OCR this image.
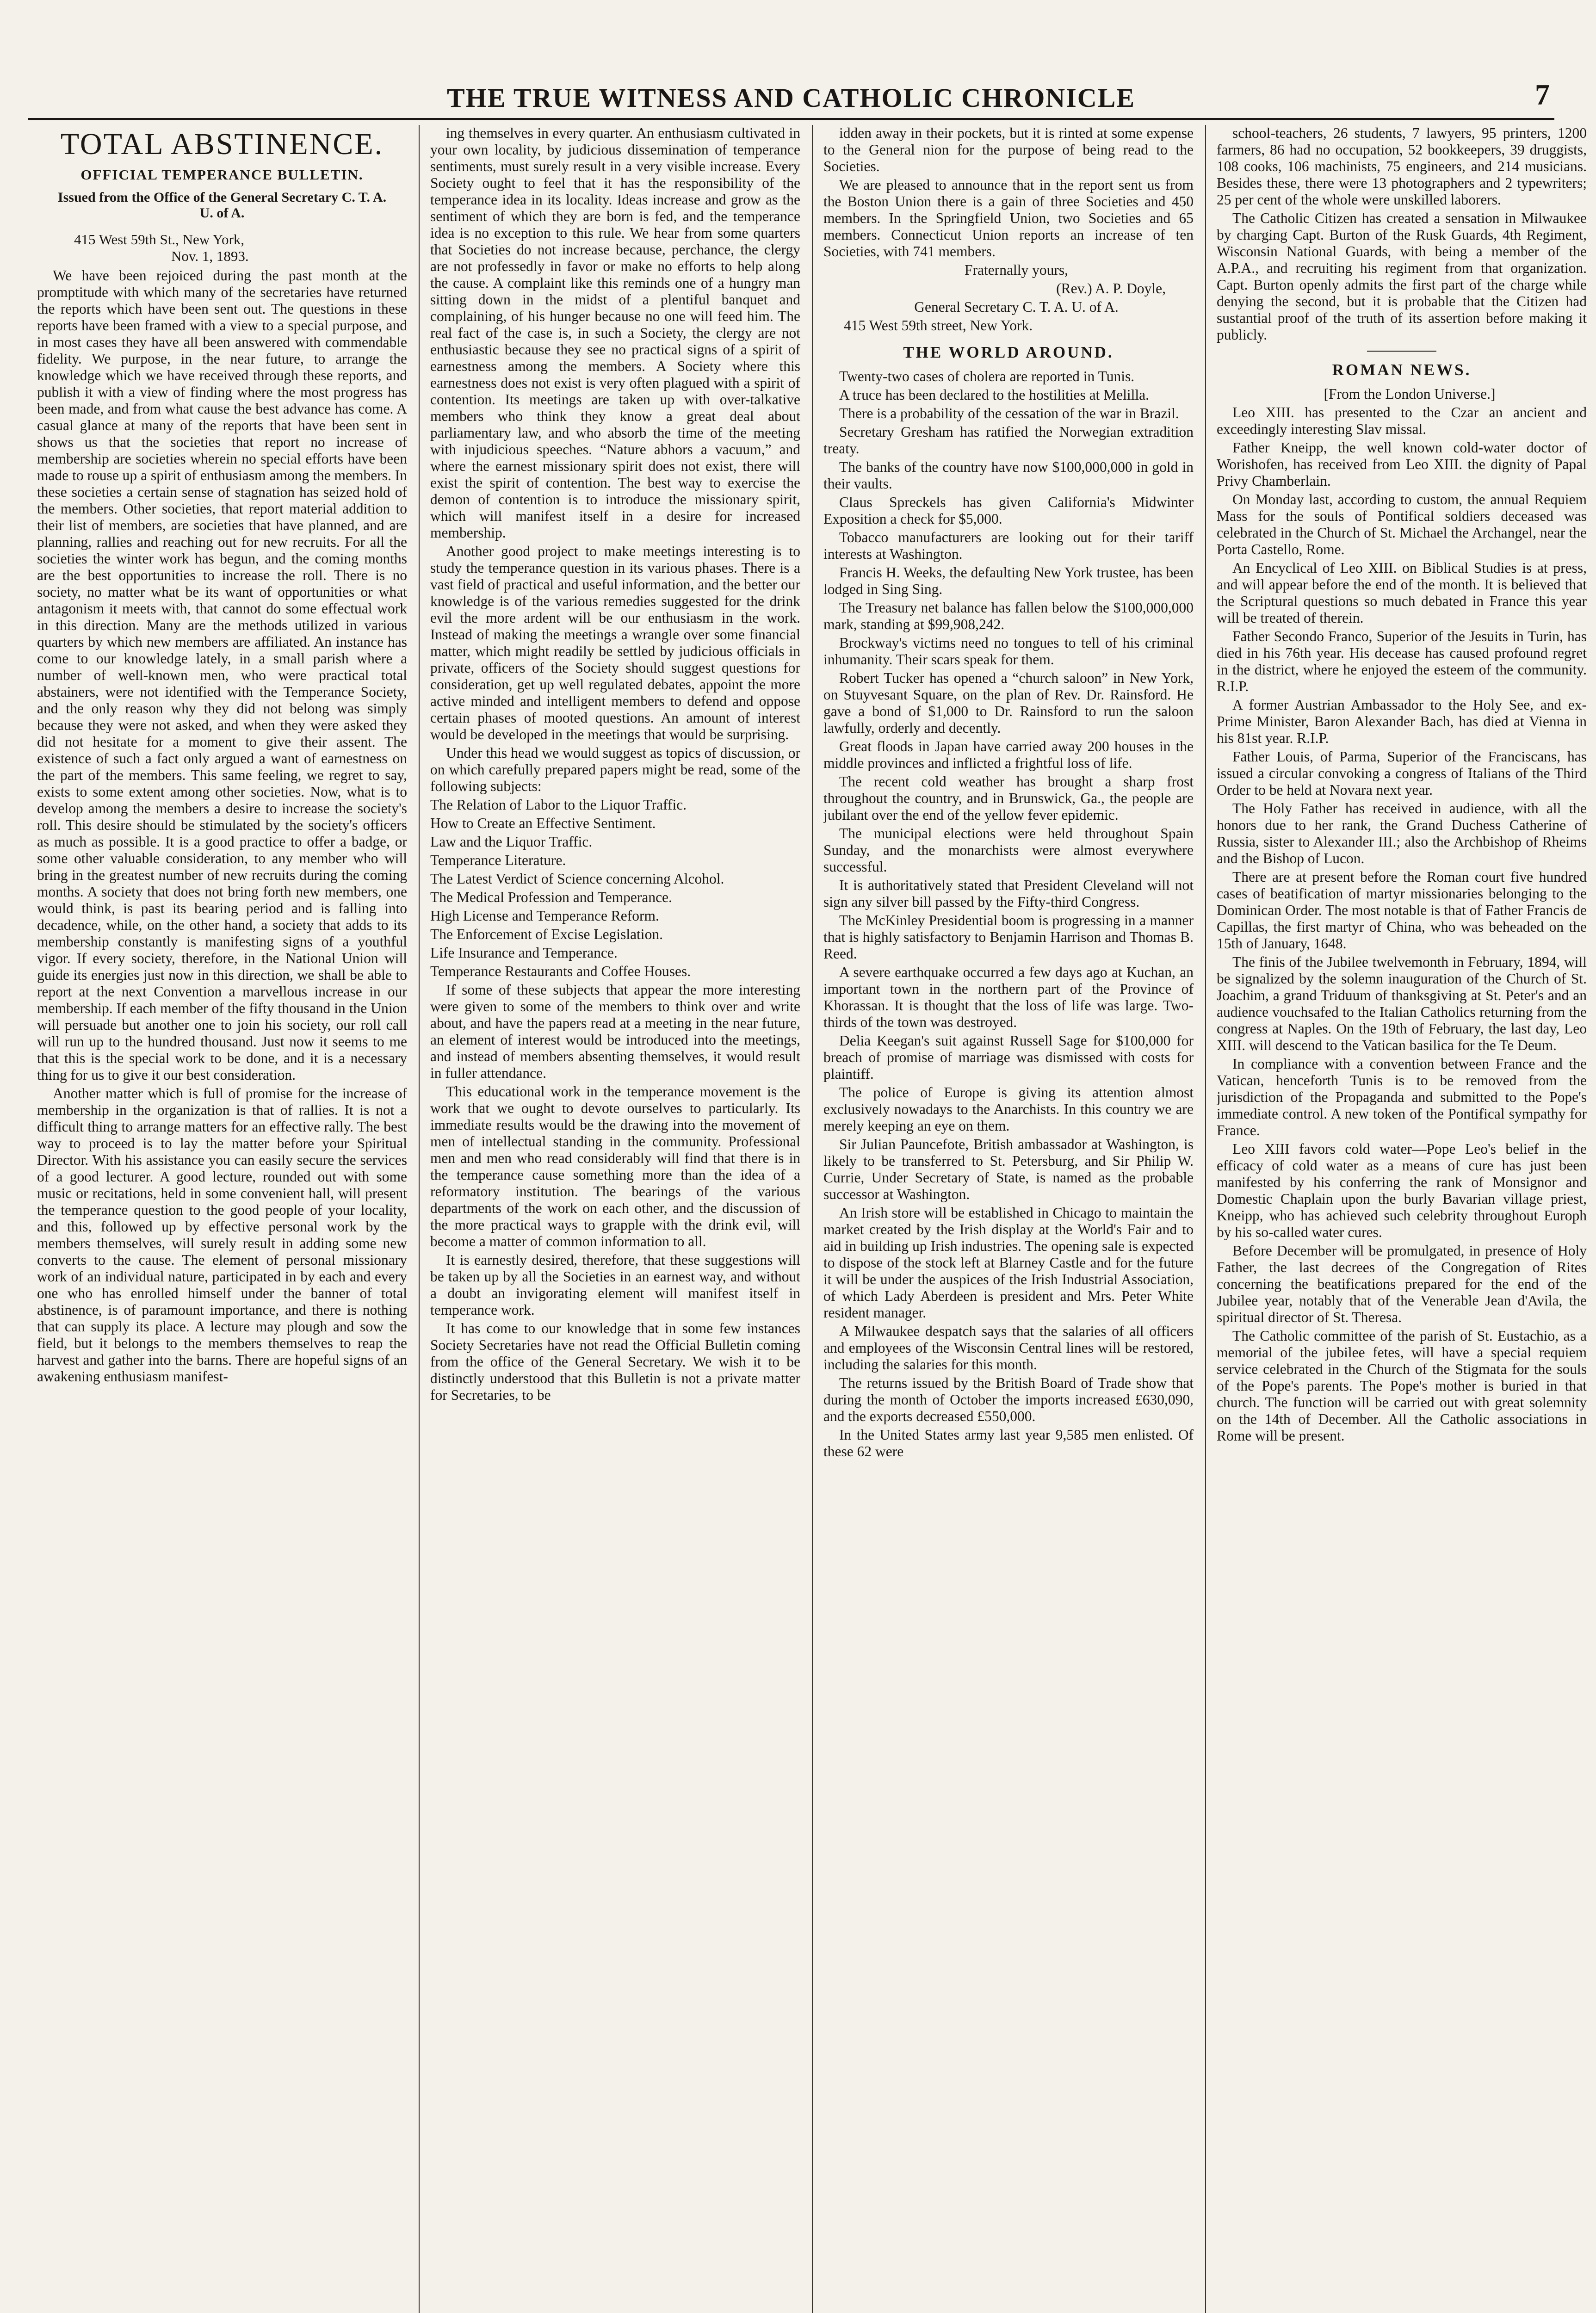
THE TRUE WITNESS AND CATHOLIC CHRONICLE	7
TOTAL ABSTINENCE.
OFFICIAL TEMPERANCE BULLETIN.
Issued from the Office of the General Secretary C. T. A. U. of A.
415 West 59th St., New York,
Nov. 1, 1893.

We have been rejoiced during the past month at the promptitude with which many of the secretaries have returned the reports which have been sent out. The questions in these reports have been framed with a view to a special purpose, and in most cases they have all been answered with commendable fidelity. We purpose, in the near future, to arrange the knowledge which we have received through these reports, and publish it with a view of finding where the most progress has been made, and from what cause the best advance has come. A casual glance at many of the reports that have been sent in shows us that the societies that report no increase of membership are societies wherein no special efforts have been made to rouse up a spirit of enthusiasm among the members. In these societies a certain sense of stagnation has seized hold of the members. Other societies, that report material addition to their list of members, are societies that have planned, and are planning, rallies and reaching out for new recruits. For all the societies the winter work has begun, and the coming months are the best opportunities to increase the roll. There is no society, no matter what be its want of opportunities or what antagonism it meets with, that cannot do some effectual work in this direction. Many are the methods utilized in various quarters by which new members are affiliated. An instance has come to our knowledge lately, in a small parish where a number of well-known men, who were practical total abstainers, were not identified with the Temperance Society, and the only reason why they did not belong was simply because they were not asked, and when they were asked they did not hesitate for a moment to give their assent. The existence of such a fact only argued a want of earnestness on the part of the members. This same feeling, we regret to say, exists to some extent among other societies. Now, what is to develop among the members a desire to increase the society's roll. This desire should be stimulated by the society's officers as much as possible. It is a good practice to offer a badge, or some other valuable consideration, to any member who will bring in the greatest number of new recruits during the coming months. A society that does not bring forth new members, one would think, is past its bearing period and is falling into decadence, while, on the other hand, a society that adds to its membership constantly is manifesting signs of a youthful vigor. If every society, therefore, in the National Union will guide its energies just now in this direction, we shall be able to report at the next Convention a marvellous increase in our membership. If each member of the fifty thousand in the Union will persuade but another one to join his society, our roll call will run up to the hundred thousand. Just now it seems to me that this is the special work to be done, and it is a necessary thing for us to give it our best consideration.

Another matter which is full of promise for the increase of membership in the organization is that of rallies. It is not a difficult thing to arrange matters for an effective rally. The best way to proceed is to lay the matter before your Spiritual Director. With his assistance you can easily secure the services of a good lecturer. A good lecture, rounded out with some music or recitations, held in some convenient hall, will present the temperance question to the good people of your locality, and this, followed up by effective personal work by the members themselves, will surely result in adding some new converts to the cause. The element of personal missionary work of an individual nature, participated in by each and every one who has enrolled himself under the banner of total abstinence, is of paramount importance, and there is nothing that can supply its place. A lecture may plough and sow the field, but it belongs to the members themselves to reap the harvest and gather into the barns. There are hopeful signs of an awakening enthusiasm manifest-

ing themselves in every quarter. An enthusiasm cultivated in your own locality, by judicious dissemination of temperance sentiments, must surely result in a very visible increase. Every Society ought to feel that it has the responsibility of the temperance idea in its locality. Ideas increase and grow as the sentiment of which they are born is fed, and the temperance idea is no exception to this rule. We hear from some quarters that Societies do not increase because, perchance, the clergy are not professedly in favor or make no efforts to help along the cause. A complaint like this reminds one of a hungry man sitting down in the midst of a plentiful banquet and complaining, of his hunger because no one will feed him. The real fact of the case is, in such a Society, the clergy are not enthusiastic because they see no practical signs of a spirit of earnestness among the members. A Society where this earnestness does not exist is very often plagued with a spirit of contention. Its meetings are taken up with over-talkative members who think they know a great deal about parliamentary law, and who absorb the time of the meeting with injudicious speeches. “Nature abhors a vacuum,” and where the earnest missionary spirit does not exist, there will exist the spirit of contention. The best way to exercise the demon of contention is to introduce the missionary spirit, which will manifest itself in a desire for increased membership.

Another good project to make meetings interesting is to study the temperance question in its various phases. There is a vast field of practical and useful information, and the better our knowledge is of the various remedies suggested for the drink evil the more ardent will be our enthusiasm in the work. Instead of making the meetings a wrangle over some financial matter, which might readily be settled by judicious officials in private, officers of the Society should suggest questions for consideration, get up well regulated debates, appoint the more active minded and intelligent members to defend and oppose certain phases of mooted questions. An amount of interest would be developed in the meetings that would be surprising.

Under this head we would suggest as topics of discussion, or on which carefully prepared papers might be read, some of the following subjects:

The Relation of Labor to the Liquor Traffic.

How to Create an Effective Sentiment.

Law and the Liquor Traffic.

Temperance Literature.

The Latest Verdict of Science concerning Alcohol.

The Medical Profession and Temperance.

High License and Temperance Reform.

The Enforcement of Excise Legislation.

Life Insurance and Temperance.

Temperance Restaurants and Coffee Houses.

If some of these subjects that appear the more interesting were given to some of the members to think over and write about, and have the papers read at a meeting in the near future, an element of interest would be introduced into the meetings, and instead of members absenting themselves, it would result in fuller attendance.

This educational work in the temperance movement is the work that we ought to devote ourselves to particularly. Its immediate results would be the drawing into the movement of men of intellectual standing in the community. Professional men and men who read considerably will find that there is in the temperance cause something more than the idea of a reformatory institution. The bearings of the various departments of the work on each other, and the discussion of the more practical ways to grapple with the drink evil, will become a matter of common information to all.

It is earnestly desired, therefore, that these suggestions will be taken up by all the Societies in an earnest way, and without a doubt an invigorating element will manifest itself in temperance work.

It has come to our knowledge that in some few instances Society Secretaries have not read the Official Bulletin coming from the office of the General Secretary. We wish it to be distinctly understood that this Bulletin is not a private matter for Secretaries, to be

idden away in their pockets, but it is rinted at some expense to the General nion for the purpose of being read to the Societies.

We are pleased to announce that in the report sent us from the Boston Union there is a gain of three Societies and 450 members. In the Springfield Union, two Societies and 65 members. Connecticut Union reports an increase of ten Societies, with 741 members.

Fraternally yours,

(Rev.) A. P. Doyle,

General Secretary C. T. A. U. of A.

415 West 59th street, New York.

THE WORLD AROUND.

Twenty-two cases of cholera are reported in Tunis.

A truce has been declared to the hostilities at Melilla.

There is a probability of the cessation of the war in Brazil.

Secretary Gresham has ratified the Norwegian extradition treaty.

The banks of the country have now $100,000,000 in gold in their vaults.

Claus Spreckels has given California's Midwinter Exposition a check for $5,000.

Tobacco manufacturers are looking out for their tariff interests at Washington.

Francis H. Weeks, the defaulting New York trustee, has been lodged in Sing Sing.

The Treasury net balance has fallen below the $100,000,000 mark, standing at $99,908,242.

Brockway's victims need no tongues to tell of his criminal inhumanity. Their scars speak for them.

Robert Tucker has opened a “church saloon” in New York, on Stuyvesant Square, on the plan of Rev. Dr. Rainsford. He gave a bond of $1,000 to Dr. Rainsford to run the saloon lawfully, orderly and decently.

Great floods in Japan have carried away 200 houses in the middle provinces and inflicted a frightful loss of life.

The recent cold weather has brought a sharp frost throughout the country, and in Brunswick, Ga., the people are jubilant over the end of the yellow fever epidemic.

The municipal elections were held throughout Spain Sunday, and the monarchists were almost everywhere successful.

It is authoritatively stated that President Cleveland will not sign any silver bill passed by the Fifty-third Congress.

The McKinley Presidential boom is progressing in a manner that is highly satisfactory to Benjamin Harrison and Thomas B. Reed.

A severe earthquake occurred a few days ago at Kuchan, an important town in the northern part of the Province of Khorassan. It is thought that the loss of life was large. Two-thirds of the town was destroyed.

Delia Keegan's suit against Russell Sage for $100,000 for breach of promise of marriage was dismissed with costs for plaintiff.

The police of Europe is giving its attention almost exclusively nowadays to the Anarchists. In this country we are merely keeping an eye on them.

Sir Julian Pauncefote, British ambassador at Washington, is likely to be transferred to St. Petersburg, and Sir Philip W. Currie, Under Secretary of State, is named as the probable successor at Washington.

An Irish store will be established in Chicago to maintain the market created by the Irish display at the World's Fair and to aid in building up Irish industries. The opening sale is expected to dispose of the stock left at Blarney Castle and for the future it will be under the auspices of the Irish Industrial Association, of which Lady Aberdeen is president and Mrs. Peter White resident manager.

A Milwaukee despatch says that the salaries of all officers and employees of the Wisconsin Central lines will be restored, including the salaries for this month.

The returns issued by the British Board of Trade show that during the month of October the imports increased £630,090, and the exports decreased £550,000.

In the United States army last year 9,585 men enlisted. Of these 62 were

school-teachers, 26 students, 7 lawyers, 95 printers, 1200 farmers, 86 had no occupation, 52 bookkeepers, 39 druggists, 108 cooks, 106 machinists, 75 engineers, and 214 musicians. Besides these, there were 13 photographers and 2 typewriters; 25 per cent of the whole were unskilled laborers.

The Catholic Citizen has created a sensation in Milwaukee by charging Capt. Burton of the Rusk Guards, 4th Regiment, Wisconsin National Guards, with being a member of the A.P.A., and recruiting his regiment from that organization. Capt. Burton openly admits the first part of the charge while denying the second, but it is probable that the Citizen had sustantial proof of the truth of its assertion before making it publicly.

ROMAN NEWS.

[From the London Universe.]

Leo XIII. has presented to the Czar an ancient and exceedingly interesting Slav missal.

Father Kneipp, the well known cold-water doctor of Worishofen, has received from Leo XIII. the dignity of Papal Privy Chamberlain.

On Monday last, according to custom, the annual Requiem Mass for the souls of Pontifical soldiers deceased was celebrated in the Church of St. Michael the Archangel, near the Porta Castello, Rome.

An Encyclical of Leo XIII. on Biblical Studies is at press, and will appear before the end of the month. It is believed that the Scriptural questions so much debated in France this year will be treated of therein.

Father Secondo Franco, Superior of the Jesuits in Turin, has died in his 76th year. His decease has caused profound regret in the district, where he enjoyed the esteem of the community. R.I.P.

A former Austrian Ambassador to the Holy See, and ex-Prime Minister, Baron Alexander Bach, has died at Vienna in his 81st year. R.I.P.

Father Louis, of Parma, Superior of the Franciscans, has issued a circular convoking a congress of Italians of the Third Order to be held at Novara next year.

The Holy Father has received in audience, with all the honors due to her rank, the Grand Duchess Catherine of Russia, sister to Alexander III.; also the Archbishop of Rheims and the Bishop of Lucon.

There are at present before the Roman court five hundred cases of beatification of martyr missionaries belonging to the Dominican Order. The most notable is that of Father Francis de Capillas, the first martyr of China, who was beheaded on the 15th of January, 1648.

The finis of the Jubilee twelvemonth in February, 1894, will be signalized by the solemn inauguration of the Church of St. Joachim, a grand Triduum of thanksgiving at St. Peter's and an audience vouchsafed to the Italian Catholics returning from the congress at Naples. On the 19th of February, the last day, Leo XIII. will descend to the Vatican basilica for the Te Deum.

In compliance with a convention between France and the Vatican, henceforth Tunis is to be removed from the jurisdiction of the Propaganda and submitted to the Pope's immediate control. A new token of the Pontifical sympathy for France.

Leo XIII favors cold water—Pope Leo's belief in the efficacy of cold water as a means of cure has just been manifested by his conferring the rank of Monsignor and Domestic Chaplain upon the burly Bavarian village priest, Kneipp, who has achieved such celebrity throughout Europh by his so-called water cures.

Before December will be promulgated, in presence of Holy Father, the last decrees of the Congregation of Rites concerning the beatifications prepared for the end of the Jubilee year, notably that of the Venerable Jean d'Avila, the spiritual director of St. Theresa.

The Catholic committee of the parish of St. Eustachio, as a memorial of the jubilee fetes, will have a special requiem service celebrated in the Church of the Stigmata for the souls of the Pope's parents. The Pope's mother is buried in that church. The function will be carried out with great solemnity on the 14th of December. All the Catholic associations in Rome will be present.
